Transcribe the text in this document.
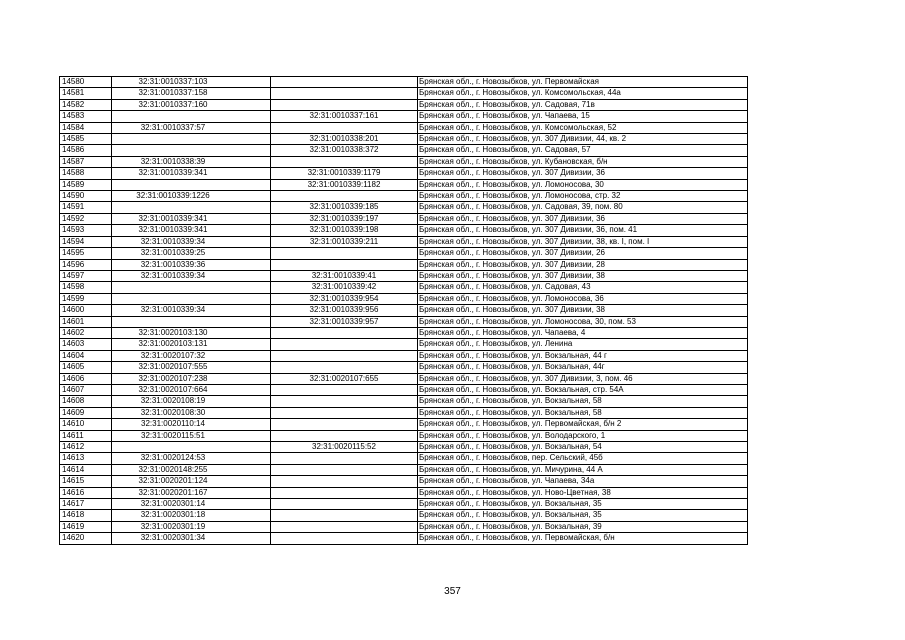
14580	32:31:0010337:103		Брянская обл., г. Новозыбков, ул. Первомайская
14581	32:31:0010337:158		Брянская обл., г. Новозыбков, ул. Комсомольская, 44а
14582	32:31:0010337:160		Брянская обл., г. Новозыбков, ул. Садовая, 71в
14583		32:31:0010337:161	Брянская обл., г. Новозыбков, ул. Чапаева, 15
14584	32:31:0010337:57		Брянская обл., г. Новозыбков, ул. Комсомольская, 52
14585		32:31:0010338:201	Брянская обл., г. Новозыбков, ул. 307 Дивизии, 44, кв. 2
14586		32:31:0010338:372	Брянская обл., г. Новозыбков, ул. Садовая, 57
14587	32:31:0010338:39		Брянская обл., г. Новозыбков, ул. Кубановская, б/н
14588	32:31:0010339:341	32:31:0010339:1179	Брянская обл., г. Новозыбков, ул. 307 Дивизии, 36
14589		32:31:0010339:1182	Брянская обл., г. Новозыбков, ул. Ломоносова, 30
14590	32:31:0010339:1226		Брянская обл., г. Новозыбков, ул. Ломоносова, стр. 32
14591		32:31:0010339:185	Брянская обл., г. Новозыбков, ул. Садовая, 39, пом. 80
14592	32:31:0010339:341	32:31:0010339:197	Брянская обл., г. Новозыбков, ул. 307 Дивизии, 36
14593	32:31:0010339:341	32:31:0010339:198	Брянская обл., г. Новозыбков, ул. 307 Дивизии, 36, пом. 41
14594	32:31:0010339:34	32:31:0010339:211	Брянская обл., г. Новозыбков, ул. 307 Дивизии, 38, кв. I, пом. I
14595	32:31:0010339:25		Брянская обл., г. Новозыбков, ул. 307 Дивизии, 26
14596	32:31:0010339:36		Брянская обл., г. Новозыбков, ул. 307 Дивизии, 28
14597	32:31:0010339:34	32:31:0010339:41	Брянская обл., г. Новозыбков, ул. 307 Дивизии, 38
14598		32:31:0010339:42	Брянская обл., г. Новозыбков, ул. Садовая, 43
14599		32:31:0010339:954	Брянская обл., г. Новозыбков, ул. Ломоносова, 36
14600	32:31:0010339:34	32:31:0010339:956	Брянская обл., г. Новозыбков, ул. 307 Дивизии, 38
14601		32:31:0010339:957	Брянская обл., г. Новозыбков, ул. Ломоносова, 30, пом. 53
14602	32:31:0020103:130		Брянская обл., г. Новозыбков, ул. Чапаева, 4
14603	32:31:0020103:131		Брянская обл., г. Новозыбков, ул. Ленина
14604	32:31:0020107:32		Брянская обл., г. Новозыбков, ул. Вокзальная, 44 г
14605	32:31:0020107:555		Брянская обл., г. Новозыбков, ул. Вокзальная, 44г
14606	32:31:0020107:238	32:31:0020107:655	Брянская обл., г. Новозыбков, ул. 307 Дивизии, 3, пом. 46
14607	32:31:0020107:664		Брянская обл., г. Новозыбков, ул. Вокзальная, стр. 54А
14608	32:31:0020108:19		Брянская обл., г. Новозыбков, ул. Вокзальная, 58
14609	32:31:0020108:30		Брянская обл., г. Новозыбков, ул. Вокзальная, 58
14610	32:31:0020110:14		Брянская обл., г. Новозыбков, ул. Первомайская, б/н 2
14611	32:31:0020115:51		Брянская обл., г. Новозыбков, ул. Володарского, 1
14612		32:31:0020115:52	Брянская обл., г. Новозыбков, ул. Вокзальная, 54
14613	32:31:0020124:53		Брянская обл., г. Новозыбков, пер. Сельский, 45б
14614	32:31:0020148:255		Брянская обл., г. Новозыбков, ул. Мичурина, 44 А
14615	32:31:0020201:124		Брянская обл., г. Новозыбков, ул. Чапаева, 34а
14616	32:31:0020201:167		Брянская обл., г. Новозыбков, ул. Ново-Цветная, 38
14617	32:31:0020301:14		Брянская обл., г. Новозыбков, ул. Вокзальная, 35
14618	32:31:0020301:18		Брянская обл., г. Новозыбков, ул. Вокзальная, 35
14619	32:31:0020301:19		Брянская обл., г. Новозыбков, ул. Вокзальная, 39
14620	32:31:0020301:34		Брянская обл., г. Новозыбков, ул. Первомайская, б/н
357
